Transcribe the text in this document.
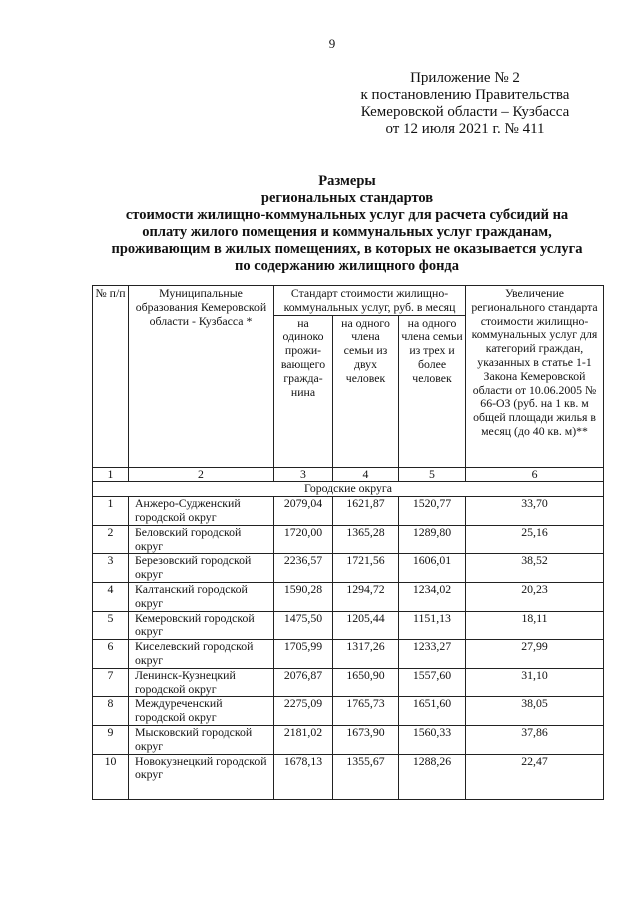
9
Приложение № 2
к постановлению Правительства
Кемеровской области – Кузбасса
от 12 июля 2021 г. № 411
Размеры
региональных стандартов
стоимости жилищно-коммунальных услуг для расчета субсидий на
оплату жилого помещения и коммунальных услуг гражданам,
проживающим в жилых помещениях, в которых не оказывается услуга
по содержанию жилищного фонда
№ п/п	Муниципальные образования Кемеровской области - Кузбасса *	Стандарт стоимости жилищно-коммунальных услуг, руб. в месяц			Увеличение регионального стандарта стоимости жилищно-коммунальных услуг для категорий граждан, указанных в статье 1-1 Закона Кемеровской области от 10.06.2005 № 66-ОЗ (руб. на 1 кв. м общей площади жилья в месяц (до 40 кв. м)**
		на одиноко прожи-вающего гражда-нина	на одного члена семьи из двух человек	на одного члена семьи из трех и более человек	
1	2	3	4	5	6
Городские округа					
1	Анжеро-Судженский городской округ	2079,04	1621,87	1520,77	33,70
2	Беловский городской округ	1720,00	1365,28	1289,80	25,16
3	Березовский городской округ	2236,57	1721,56	1606,01	38,52
4	Калтанский городской округ	1590,28	1294,72	1234,02	20,23
5	Кемеровский городской округ	1475,50	1205,44	1151,13	18,11
6	Киселевский городской округ	1705,99	1317,26	1233,27	27,99
7	Ленинск-Кузнецкий городской округ	2076,87	1650,90	1557,60	31,10
8	Междуреченский городской округ	2275,09	1765,73	1651,60	38,05
9	Мысковский городской округ	2181,02	1673,90	1560,33	37,86
10	Новокузнецкий городской округ	1678,13	1355,67	1288,26	22,47
